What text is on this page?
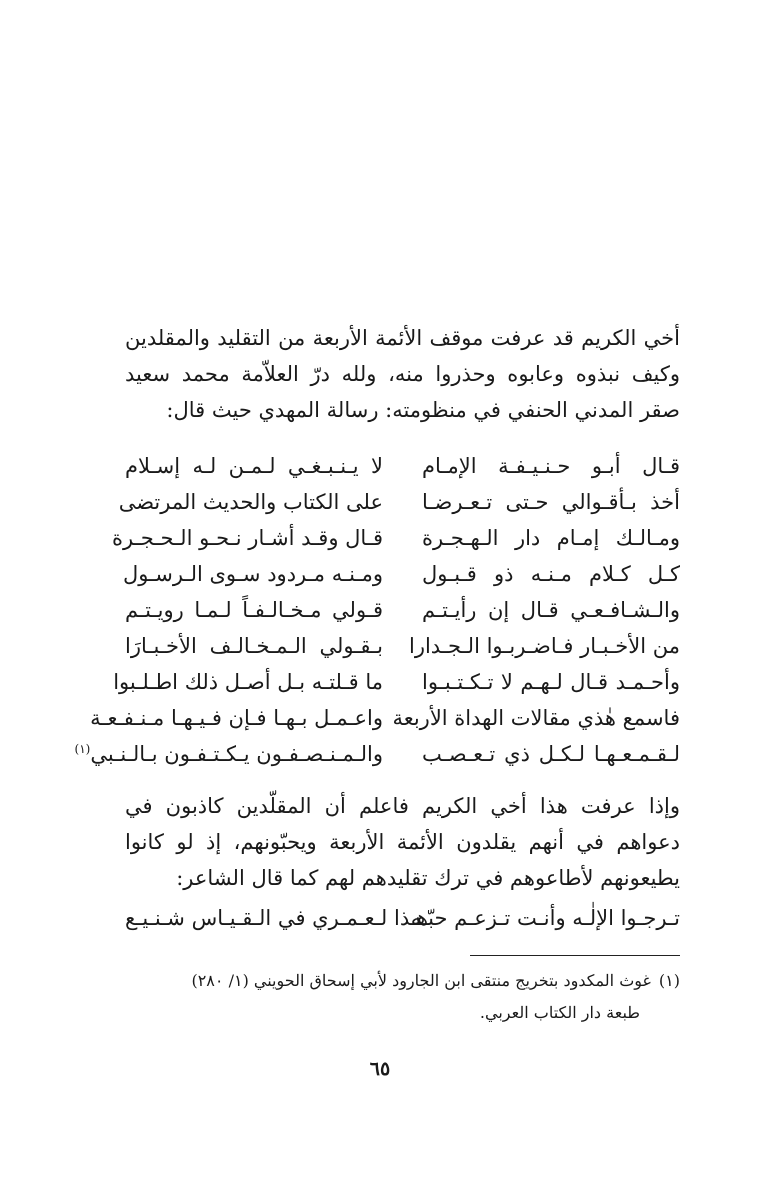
أخي الكريم قد عرفت موقف الأئمة الأربعة من التقليد والمقلدين وكيف نبذوه وعابوه وحذروا منه، ولله درّ العلاّمة محمد سعيد صقر المدني الحنفي في منظومته: رسالة المهدي حيث قال:

قـال أبـو حـنـيـفـة الإمـام
لا يـنـبـغـي لـمـن لـه إسـلام
أخذ بـأقـوالي حـتى تـعـرضـا
على الكتاب والحديث المرتضى
ومـالـك إمـام دار الـهـجـرة
قـال وقـد أشـار نـحـو الـحـجـرة
كـل كـلام مـنـه ذو قـبـول
ومـنـه مـردود سـوى الـرسـول
والـشـافـعـي قـال إن رأيـتـم
قـولي مـخـالـفـاً لـمـا رويـتـم
من الأخـبـار فـاضـربـوا الـجـدارا
بـقـولي الـمـخـالـف الأخـبـارَا
وأحـمـد قـال لـهـم لا تـكـتـبـوا
ما قـلتـه بـل أصـل ذلك اطـلـبوا
فاسمع هٰذي مقالات الهداة الأربعة
واعـمـل بـهـا فـإن فـيـهـا مـنـفـعـة
لـقـمـعـهـا لـكـل ذي تـعـصـب
والـمـنـصـفـون يـكـتـفـون بـالـنـبي$^{(١)}$

وإذا عرفت هذا أخي الكريم فاعلم أن المقلّدين كاذبون في دعواهم في أنهم يقلدون الأئمة الأربعة ويحبّونهم، إذ لو كانوا يطيعونهم لأطاعوهم في ترك تقليدهم لهم كما قال الشاعر:

تـرجـوا الإلٰـه وأنـت تـزعـم حبّـه
هـذا لـعـمـري في الـقـيـاس شـنـيـع
(١)غوث المكدود بتخريج منتقى ابن الجارود لأبي إسحاق الحويني (١/ ٢٨٠)
طبعة دار الكتاب العربي.
٦٥
